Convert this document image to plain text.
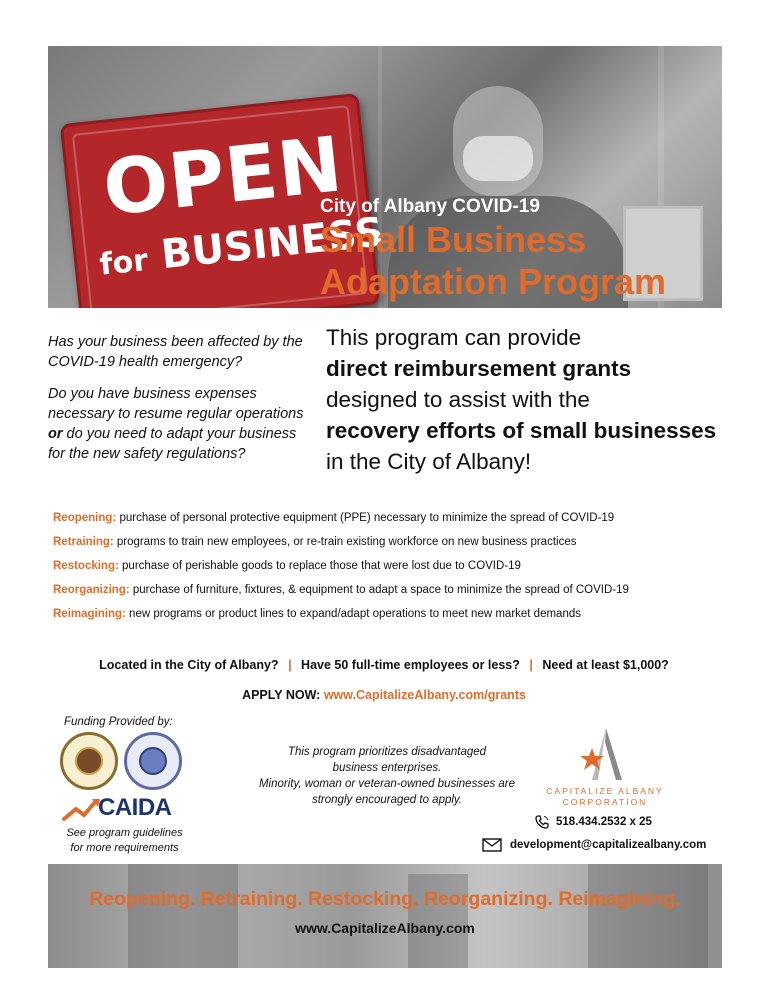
OPEN
for BUSINESS
City of Albany COVID-19
Small Business
Adaptation Program
Has your business been affected by the COVID-19 health emergency?
Do you have business expenses necessary to resume regular operations or do you need to adapt your business for the new safety regulations?
This program can provide
direct reimbursement grants
designed to assist with the
recovery efforts of small businesses
in the City of Albany!
Reopening: purchase of personal protective equipment (PPE) necessary to minimize the spread of COVID-19
Retraining: programs to train new employees, or re-train existing workforce on new business practices
Restocking: purchase of perishable goods to replace those that were lost due to COVID-19
Reorganizing: purchase of furniture, fixtures, & equipment to adapt a space to minimize the spread of COVID-19
Reimagining: new programs or product lines to expand/adapt operations to meet new market demands
Located in the City of Albany? | Have 50 full-time employees or less? | Need at least $1,000?
APPLY NOW: www.CapitalizeAlbany.com/grants
Funding Provided by:
CAIDA
See program guidelines
for more requirements
This program prioritizes disadvantaged
business enterprises.
Minority, woman or veteran-owned businesses are
strongly encouraged to apply.
CAPITALIZE ALBANY
CORPORATION
518.434.2532 x 25
development@capitalizealbany.com
Reopening. Retraining. Restocking. Reorganizing. Reimagining.
www.CapitalizeAlbany.com
